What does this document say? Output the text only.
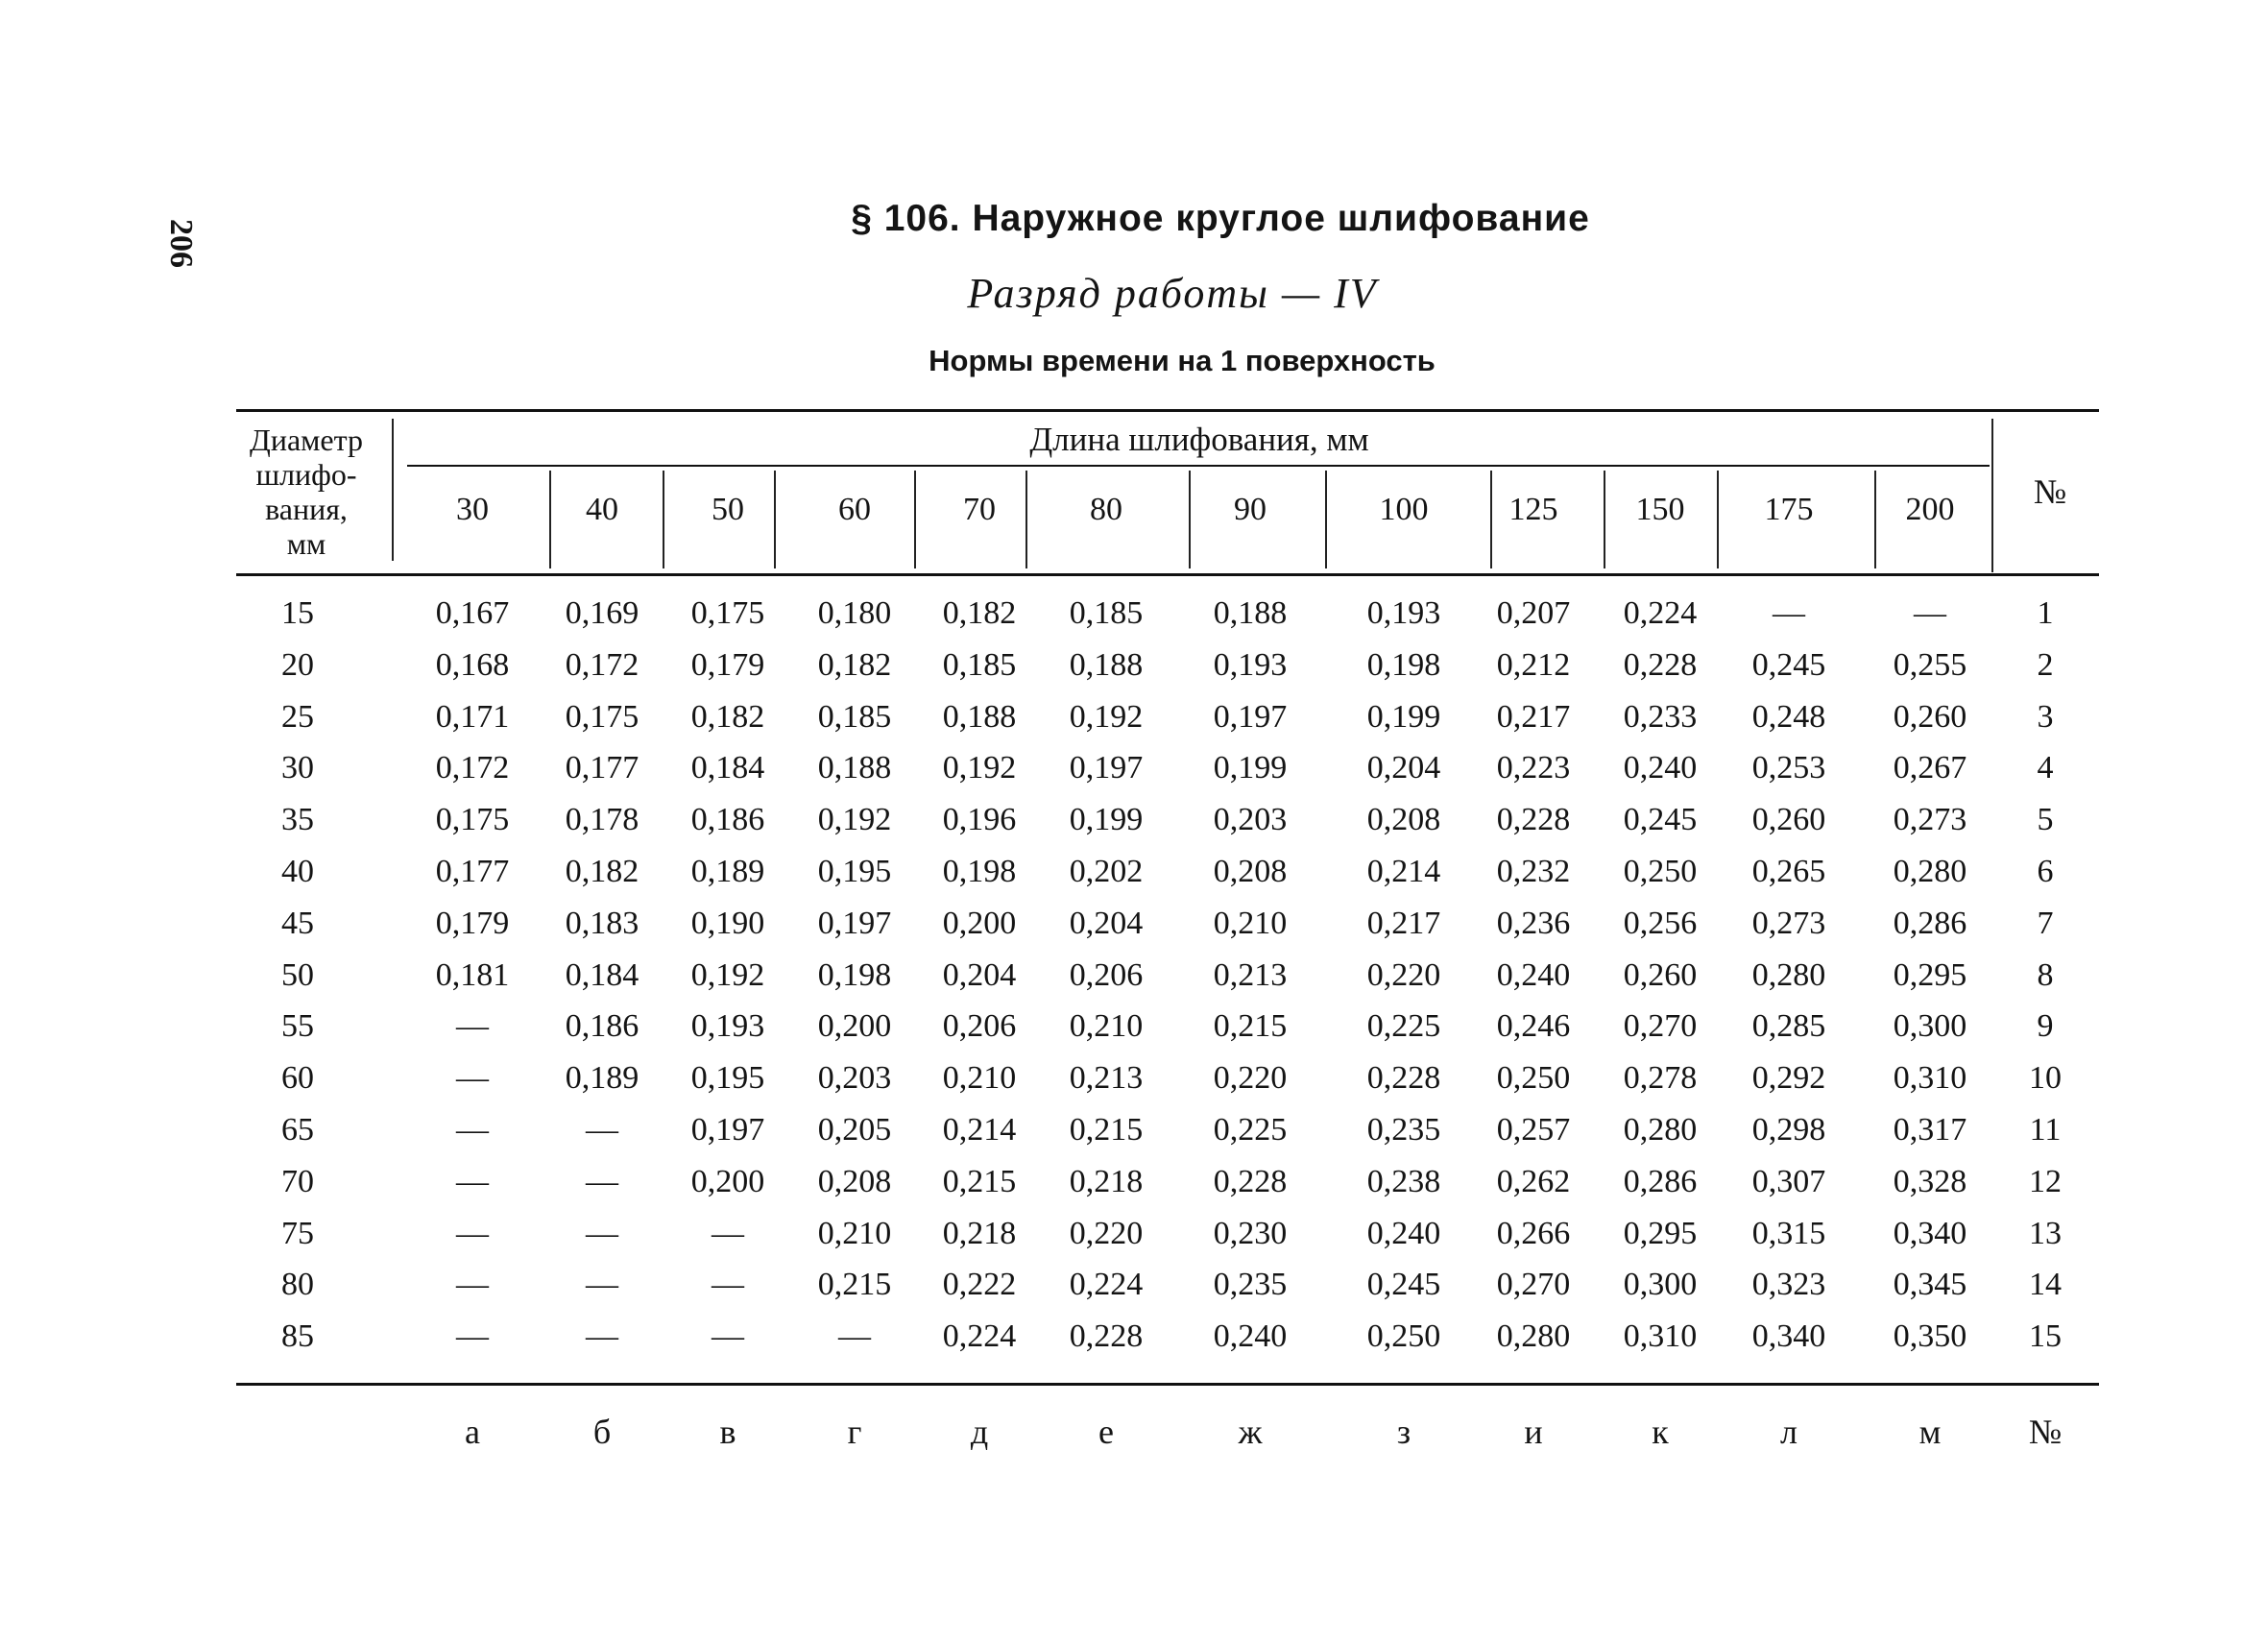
206
§ 106. Наружное круглое шлифование
Разряд работы — IV
Нормы времени на 1 поверхность
Диаметр
шлифо-
вания,
мм
Длина шлифования, мм
№
30	40	50	60	70	80	90	100	125	150	175	200
15	0,167	0,169	0,175	0,180	0,182	0,185	0,188	0,193	0,207	0,224	—	—	1
20	0,168	0,172	0,179	0,182	0,185	0,188	0,193	0,198	0,212	0,228	0,245	0,255	2
25	0,171	0,175	0,182	0,185	0,188	0,192	0,197	0,199	0,217	0,233	0,248	0,260	3
30	0,172	0,177	0,184	0,188	0,192	0,197	0,199	0,204	0,223	0,240	0,253	0,267	4
35	0,175	0,178	0,186	0,192	0,196	0,199	0,203	0,208	0,228	0,245	0,260	0,273	5
40	0,177	0,182	0,189	0,195	0,198	0,202	0,208	0,214	0,232	0,250	0,265	0,280	6
45	0,179	0,183	0,190	0,197	0,200	0,204	0,210	0,217	0,236	0,256	0,273	0,286	7
50	0,181	0,184	0,192	0,198	0,204	0,206	0,213	0,220	0,240	0,260	0,280	0,295	8
55	—	0,186	0,193	0,200	0,206	0,210	0,215	0,225	0,246	0,270	0,285	0,300	9
60	—	0,189	0,195	0,203	0,210	0,213	0,220	0,228	0,250	0,278	0,292	0,310	10
65	—	—	0,197	0,205	0,214	0,215	0,225	0,235	0,257	0,280	0,298	0,317	11
70	—	—	0,200	0,208	0,215	0,218	0,228	0,238	0,262	0,286	0,307	0,328	12
75	—	—	—	0,210	0,218	0,220	0,230	0,240	0,266	0,295	0,315	0,340	13
80	—	—	—	0,215	0,222	0,224	0,235	0,245	0,270	0,300	0,323	0,345	14
85	—	—	—	—	0,224	0,228	0,240	0,250	0,280	0,310	0,340	0,350	15
а	б	в	г	д	е	ж	з	и	к	л	м	№
